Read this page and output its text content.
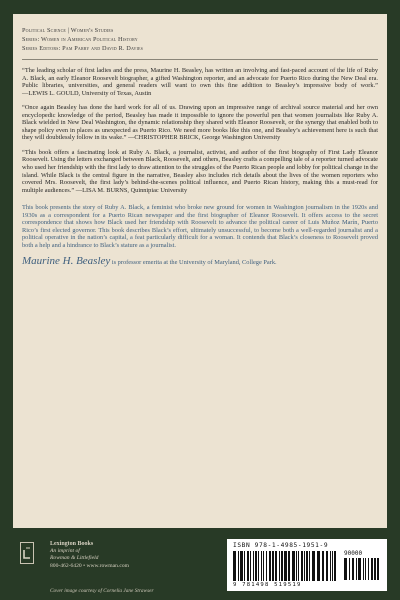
Political Science | Women's Studies
Series: Women in American Political History
Series Editors: Pam Parry and David R. Davies

“The leading scholar of first ladies and the press, Maurine H. Beasley, has written an involving and fast-paced account of the life of Ruby A. Black, an early Eleanor Roosevelt biographer, a gifted Washington reporter, and an advocate for Puerto Rico during the New Deal era. Public libraries, universities, and general readers will want to own this fine addition to Beasley’s impressive body of work.” —LEWIS L. GOULD, University of Texas, Austin

“Once again Beasley has done the hard work for all of us. Drawing upon an impressive range of archival source material and her own encyclopedic knowledge of the period, Beasley has made it impossible to ignore the powerful pen that women journalists like Ruby A. Black wielded in New Deal Washington, the dynamic relationship they shared with Eleanor Roosevelt, or the synergy that enabled both to shape policy even in places as unexpected as Puerto Rico. We need more books like this one, and Beasley’s achievement here is such that they will doubtlessly follow in its wake.” —CHRISTOPHER BRICK, George Washington University

“This book offers a fascinating look at Ruby A. Black, a journalist, activist, and author of the first biography of First Lady Eleanor Roosevelt. Using the letters exchanged between Black, Roosevelt, and others, Beasley crafts a compelling tale of a reporter turned advocate who used her friendship with the first lady to draw attention to the struggles of the Puerto Rican people and lobby for political change in the island. While Black is the central figure in the narrative, Beasley also includes rich details about the lives of the women reporters who covered Mrs. Roosevelt, the first lady’s behind-the-scenes political influence, and Puerto Rican history, making this a must-read for multiple audiences.” —LISA M. BURNS, Quinnipiac University

This book presents the story of Ruby A. Black, a feminist who broke new ground for women in Washington journalism in the 1920s and 1930s as a correspondent for a Puerto Rican newspaper and the first biographer of Eleanor Roosevelt. It offers access to the secret correspondence that shows how Black used her friendship with Roosevelt to advance the political career of Luis Muñoz Marín, Puerto Rico’s first elected governor. This book describes Black’s effort, ultimately unsuccessful, to become both a well-regarded journalist and a political operative in the nation’s capital, a feat particularly difficult for a woman. It contends that Black’s closeness to Roosevelt proved both a help and a hindrance to Black’s stature as a journalist.

Maurine H. Beasley is professor emerita at the University of Maryland, College Park.

Lexington Books
An imprint of
Rowman & Littlefield
800-462-6420 • www.rowman.com
Cover image courtesy of Cornelia Jane Strawser
ISBN 978-1-4985-1951-9
90000
9 781498 519519
